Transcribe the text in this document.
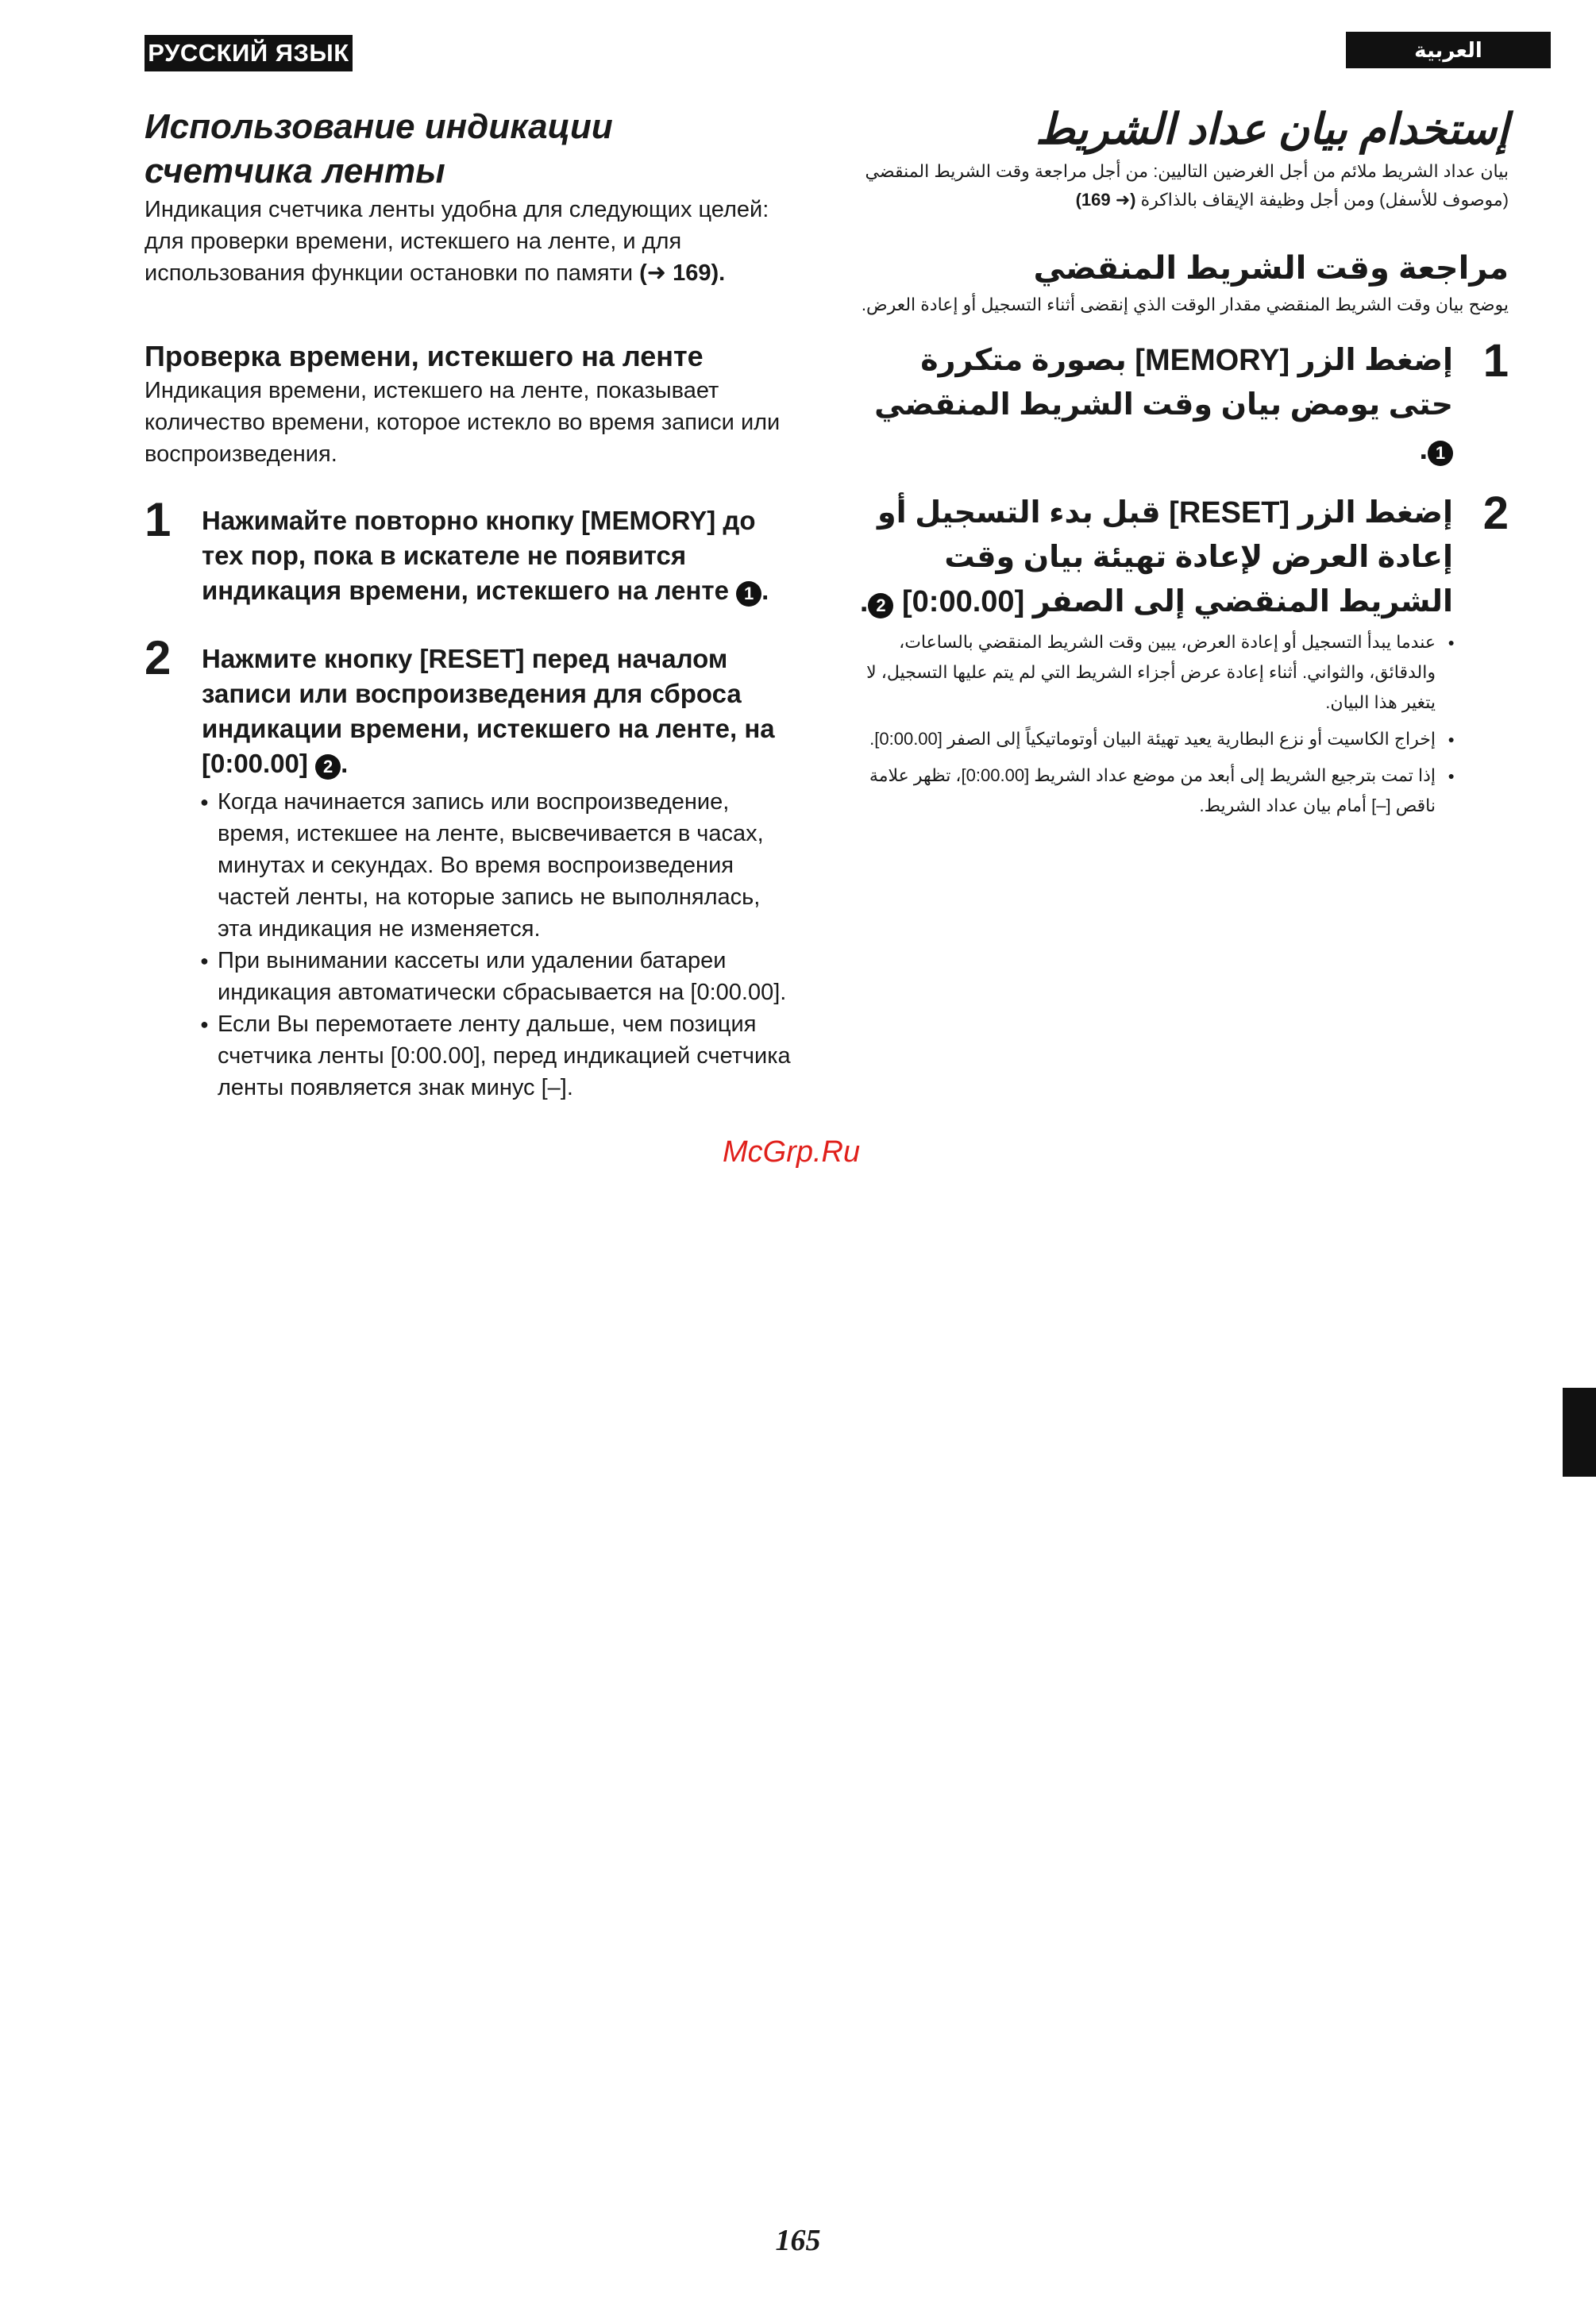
РУССКИЙ ЯЗЫК	العربية
Использование индикации
счетчика ленты

Индикация счетчика ленты удобна для следующих целей: для проверки времени, истекшего на ленте, и для использования функции остановки по памяти (➜ 169).

Проверка времени, истекшего на ленте

Индикация времени, истекшего на ленте, показывает количество времени, которое истекло во время записи или воспроизведения.

1 Нажимайте повторно кнопку [MEMORY] до тех пор, пока в искателе не появится индикация времени, истекшего на ленте 1 .

2 Нажмите кнопку [RESET] перед началом записи или воспроизведения для сброса индикации времени, истекшего на ленте, на [0:00.00] 2 .

● Когда начинается запись или воспроизведение, время, истекшее на ленте, высвечивается в часах, минутах и секундах. Во время воспроизведения частей ленты, на которые запись не выполнялась, эта индикация не изменяется.
● При вынимании кассеты или удалении батареи индикация автоматически сбрасывается на [0:00.00].
● Если Вы перемотаете ленту дальше, чем позиция счетчика ленты [0:00.00], перед индикацией счетчика ленты появляется знак минус [–].
إستخدام بيان عداد الشريط

بيان عداد الشريط ملائم من أجل الغرضين التاليين: من أجل مراجعة وقت الشريط المنقضي (موصوف للأسفل) ومن أجل وظيفة الإيقاف بالذاكرة (➜ 169)

مراجعة وقت الشريط المنقضي

يوضح بيان وقت الشريط المنقضي مقدار الوقت الذي إنقضى أثناء التسجيل أو إعادة العرض.

1

إضغط الزر [MEMORY] بصورة متكررة حتى يومض بيان وقت الشريط المنقضي 1.

2

إضغط الزر [RESET] قبل بدء التسجيل أو إعادة العرض لإعادة تهيئة بيان وقت الشريط المنقضي إلى الصفر [0:00.00] 2.

● عندما يبدأ التسجيل أو إعادة العرض، يبين وقت الشريط المنقضي بالساعات، والدقائق، والثواني. أثناء إعادة عرض أجزاء الشريط التي لم يتم عليها التسجيل، لا يتغير هذا البيان.
● إخراج الكاسيت أو نزع البطارية يعيد تهيئة البيان أوتوماتيكياً إلى الصفر [0:00.00].
● إذا تمت بترجيع الشريط إلى أبعد من موضع عداد الشريط [0:00.00]، تظهر علامة ناقص [–] أمام بيان عداد الشريط.
McGrp.Ru
165
